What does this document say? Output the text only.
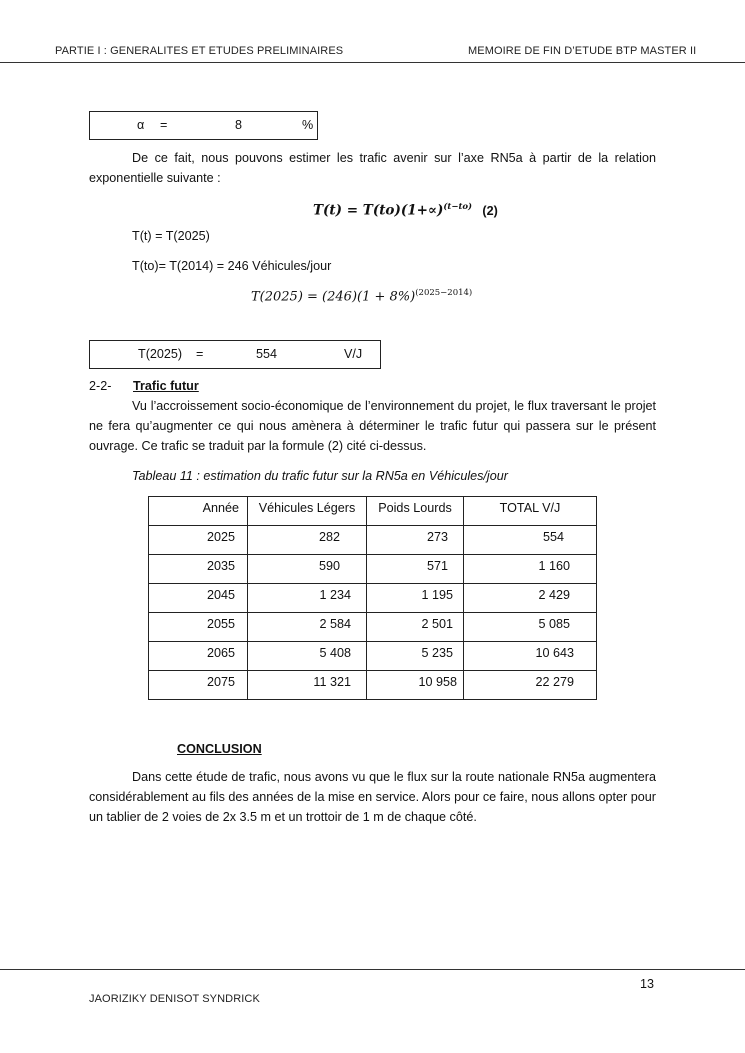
PARTIE I : GENERALITES ET ETUDES PRELIMINAIRES	MEMOIRE DE FIN D’ETUDE BTP MASTER II
α =	8	%
De ce fait, nous pouvons estimer les trafic avenir sur l’axe RN5a à partir de la relation exponentielle suivante :
$T(t) = T(to)(1+\propto)^{(t-to)}$ (2)
T(t) = T(2025)
T(to)= T(2014) = 246 Véhicules/jour
$T(2025) = (246)(1 + 8\%)^{(2025-2014)}$
T(2025) =	554	V/J
2-2- Trafic futur
Vu l’accroissement socio-économique de l’environnement du projet, le flux traversant le projet ne fera qu’augmenter ce qui nous amènera à déterminer le trafic futur qui passera sur le présent ouvrage. Ce trafic se traduit par la formule (2) cité ci-dessus.
Tableau 11 : estimation du trafic futur sur la RN5a en Véhicules/jour
Année	Véhicules Légers	Poids Lourds	TOTAL V/J

2025	282	273	554

2035	590	571	1 160

2045	1 234	1 195	2 429

2055	2 584	2 501	5 085

2065	5 408	5 235	10 643

2075	11 321	10 958	22 279
CONCLUSION
Dans cette étude de trafic, nous avons vu que le flux sur la route nationale RN5a augmentera considérablement au fils des années de la mise en service. Alors pour ce faire, nous allons opter pour un tablier de 2 voies de 2x 3.5 m et un trottoir de 1 m de chaque côté.
13
JAORIZIKY DENISOT SYNDRICK
